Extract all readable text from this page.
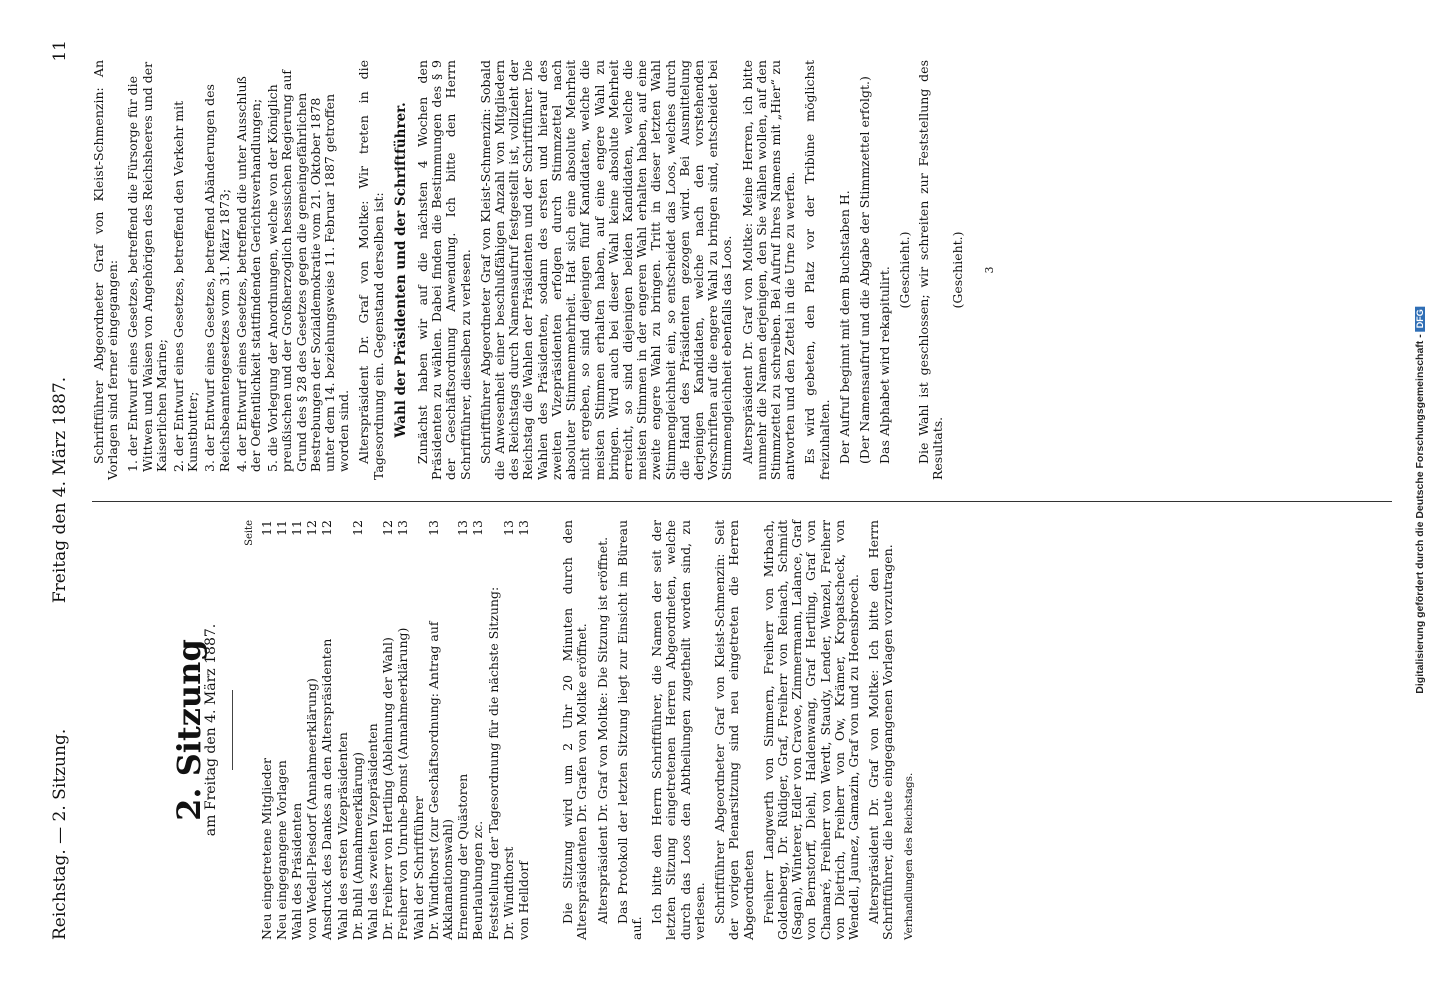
Reichstag. — 2. Sitzung.
Freitag den 4. März 1887.
11
2. Sitzung
am Freitag den 4. März 1887.
Seite
Neu eingetretene Mitglieder
11
Neu eingegangene Vorlagen
11
Wahl des Präsidenten
11
von Wedell-Piesdorf (Annahmeerklärung)
12
Ansdruck des Dankes an den Alterspräsidenten
12
Wahl des ersten Vizepräsidenten Dr. Buhl (Annahmeerklärung)
12
Wahl des zweiten Vizepräsidenten Dr. Freiherr von Hertling (Ablehnung der Wahl)
12
Freiherr von Unruhe-Bomst (Annahmeerklärung)
13
Wahl der Schriftführer Dr. Windthorst (zur Geschäftsordnung: Antrag auf Akklamationswahl)
13
Ernennung der Quästoren
13
Beurlaubungen zc.
13
Feststellung der Tagesordnung für die nächste Sitzung: Dr. Windthorst
13
von Helldorf
13 Die Sitzung wird um 2 Uhr 20 Minuten durch den Alterspräsidenten Dr. Grafen von Moltke eröffnet. Alterspräsident Dr. Graf von Moltke: Die Sitzung ist eröffnet. Das Protokoll der letzten Sitzung liegt zur Einsicht im Büreau auf.

Ich bitte den Herrn Schriftführer, die Namen der seit der letzten Sitzung eingetretenen Herren Abgeordneten, welche durch das Loos den Abtheilungen zugetheilt worden sind, zu verlesen. Schriftführer Abgeordneter Graf von Kleist-Schmenzin: Seit der vorigen Plenarsitzung sind neu eingetreten die Herren Abgeordneten Freiherr Langwerth von Simmern, Freiherr von Mirbach, Goldenberg, Dr. Rüdiger, Graf, Freiherr von Reinach, Schmidt (Sagan), Winterer, Edler von Cravoe, Zimmermann, Lalance, Graf von Bernstorff, Diehl, Haldenwang, Graf Hertling, Graf von Chamaré, Freiherr von Werdt, Staudy, Lender, Wenzel, Freiherr von Dietrich, Freiherr von Ow, Krämer, Kropatscheck, von Wendell, Jaunez, Gamazin, Graf von und zu Hoensbroech. Alterspräsident Dr. Graf von Moltke: Ich bitte den Herrn Schriftführer, die heute eingegangenen Vorlagen vorzutragen. Verhandlungen des Reichstags.

Schriftführer Abgeordneter Graf von Kleist-Schmenzin: An Vorlagen sind ferner eingegangen: 1. der Entwurf eines Gesetzes, betreffend die Fürsorge für die Wittwen und Waisen von Angehörigen des Reichsheeres und der Kaiserlichen Marine; 2. der Entwurf eines Gesetzes, betreffend den Verkehr mit Kunstbutter; 3. der Entwurf eines Gesetzes, betreffend Abänderungen des Reichsbeamtengesetzes vom 31. März 1873; 4. der Entwurf eines Gesetzes, betreffend die unter Ausschluß der Oeffentlichkeit stattfindenden Gerichtsverhandlungen; 5. die Vorlegung der Anordnungen, welche von der Königlich preußischen und der Großherzoglich hessischen Regierung auf Grund des § 28 des Gesetzes gegen die gemeingefährlichen Bestrebungen der Sozialdemokratie vom 21. Oktober 1878 unter dem 14. beziehungsweise 11. Februar 1887 getroffen worden sind. Alterspräsident Dr. Graf von Moltke: Wir treten in die Tagesordnung ein. Gegenstand derselben ist: Wahl der Präsidenten und der Schriftführer. Zunächst haben wir auf die nächsten 4 Wochen den Präsidenten zu wählen. Dabei finden die Bestimmungen des § 9 der Geschäftsordnung Anwendung. Ich bitte den Herrn Schriftführer, dieselben zu verlesen. Schriftführer Abgeordneter Graf von Kleist-Schmenzin: Sobald die Anwesenheit einer beschlußfähigen Anzahl von Mitgliedern des Reichstags durch Namensaufruf festgestellt ist, vollzieht der Reichstag die Wahlen der Präsidenten und der Schriftführer. Die Wahlen des Präsidenten, sodann des ersten und hierauf des zweiten Vizepräsidenten erfolgen durch Stimmzettel nach absoluter Stimmenmehrheit. Hat sich eine absolute Mehrheit nicht ergeben, so sind diejenigen fünf Kandidaten, welche die meisten Stimmen erhalten haben, auf eine engere Wahl zu bringen. Wird auch bei dieser Wahl keine absolute Mehrheit erreicht, so sind diejenigen beiden Kandidaten, welche die meisten Stimmen in der engeren Wahl erhalten haben, auf eine zweite engere Wahl zu bringen. Tritt in dieser letzten Wahl Stimmengleichheit ein, so entscheidet das Loos, welches durch die Hand des Präsidenten gezogen wird. Bei Ausmittelung derjenigen Kandidaten, welche nach den vorstehenden Vorschriften auf die engere Wahl zu bringen sind, entscheidet bei Stimmengleichheit ebenfalls das Loos. Alterspräsident Dr. Graf von Moltke: Meine Herren, ich bitte nunmehr die Namen derjenigen, den Sie wählen wollen, auf den Stimmzettel zu schreiben. Bei Aufruf Ihres Namens mit „Hier“ zu antworten und den Zettel in die Urne zu werfen. Es wird gebeten, den Platz vor der Tribüne möglichst freizuhalten. Der Aufruf beginnt mit dem Buchstaben H. (Der Namensaufruf und die Abgabe der Stimmzettel erfolgt.) Das Alphabet wird rekapitulirt. (Geschieht.) Die Wahl ist geschlossen; wir schreiten zur Feststellung des Resultats.

(Geschieht.) 3
Digitalisierung gefördert durch die Deutsche Forschungsgemeinschaft -DFG
